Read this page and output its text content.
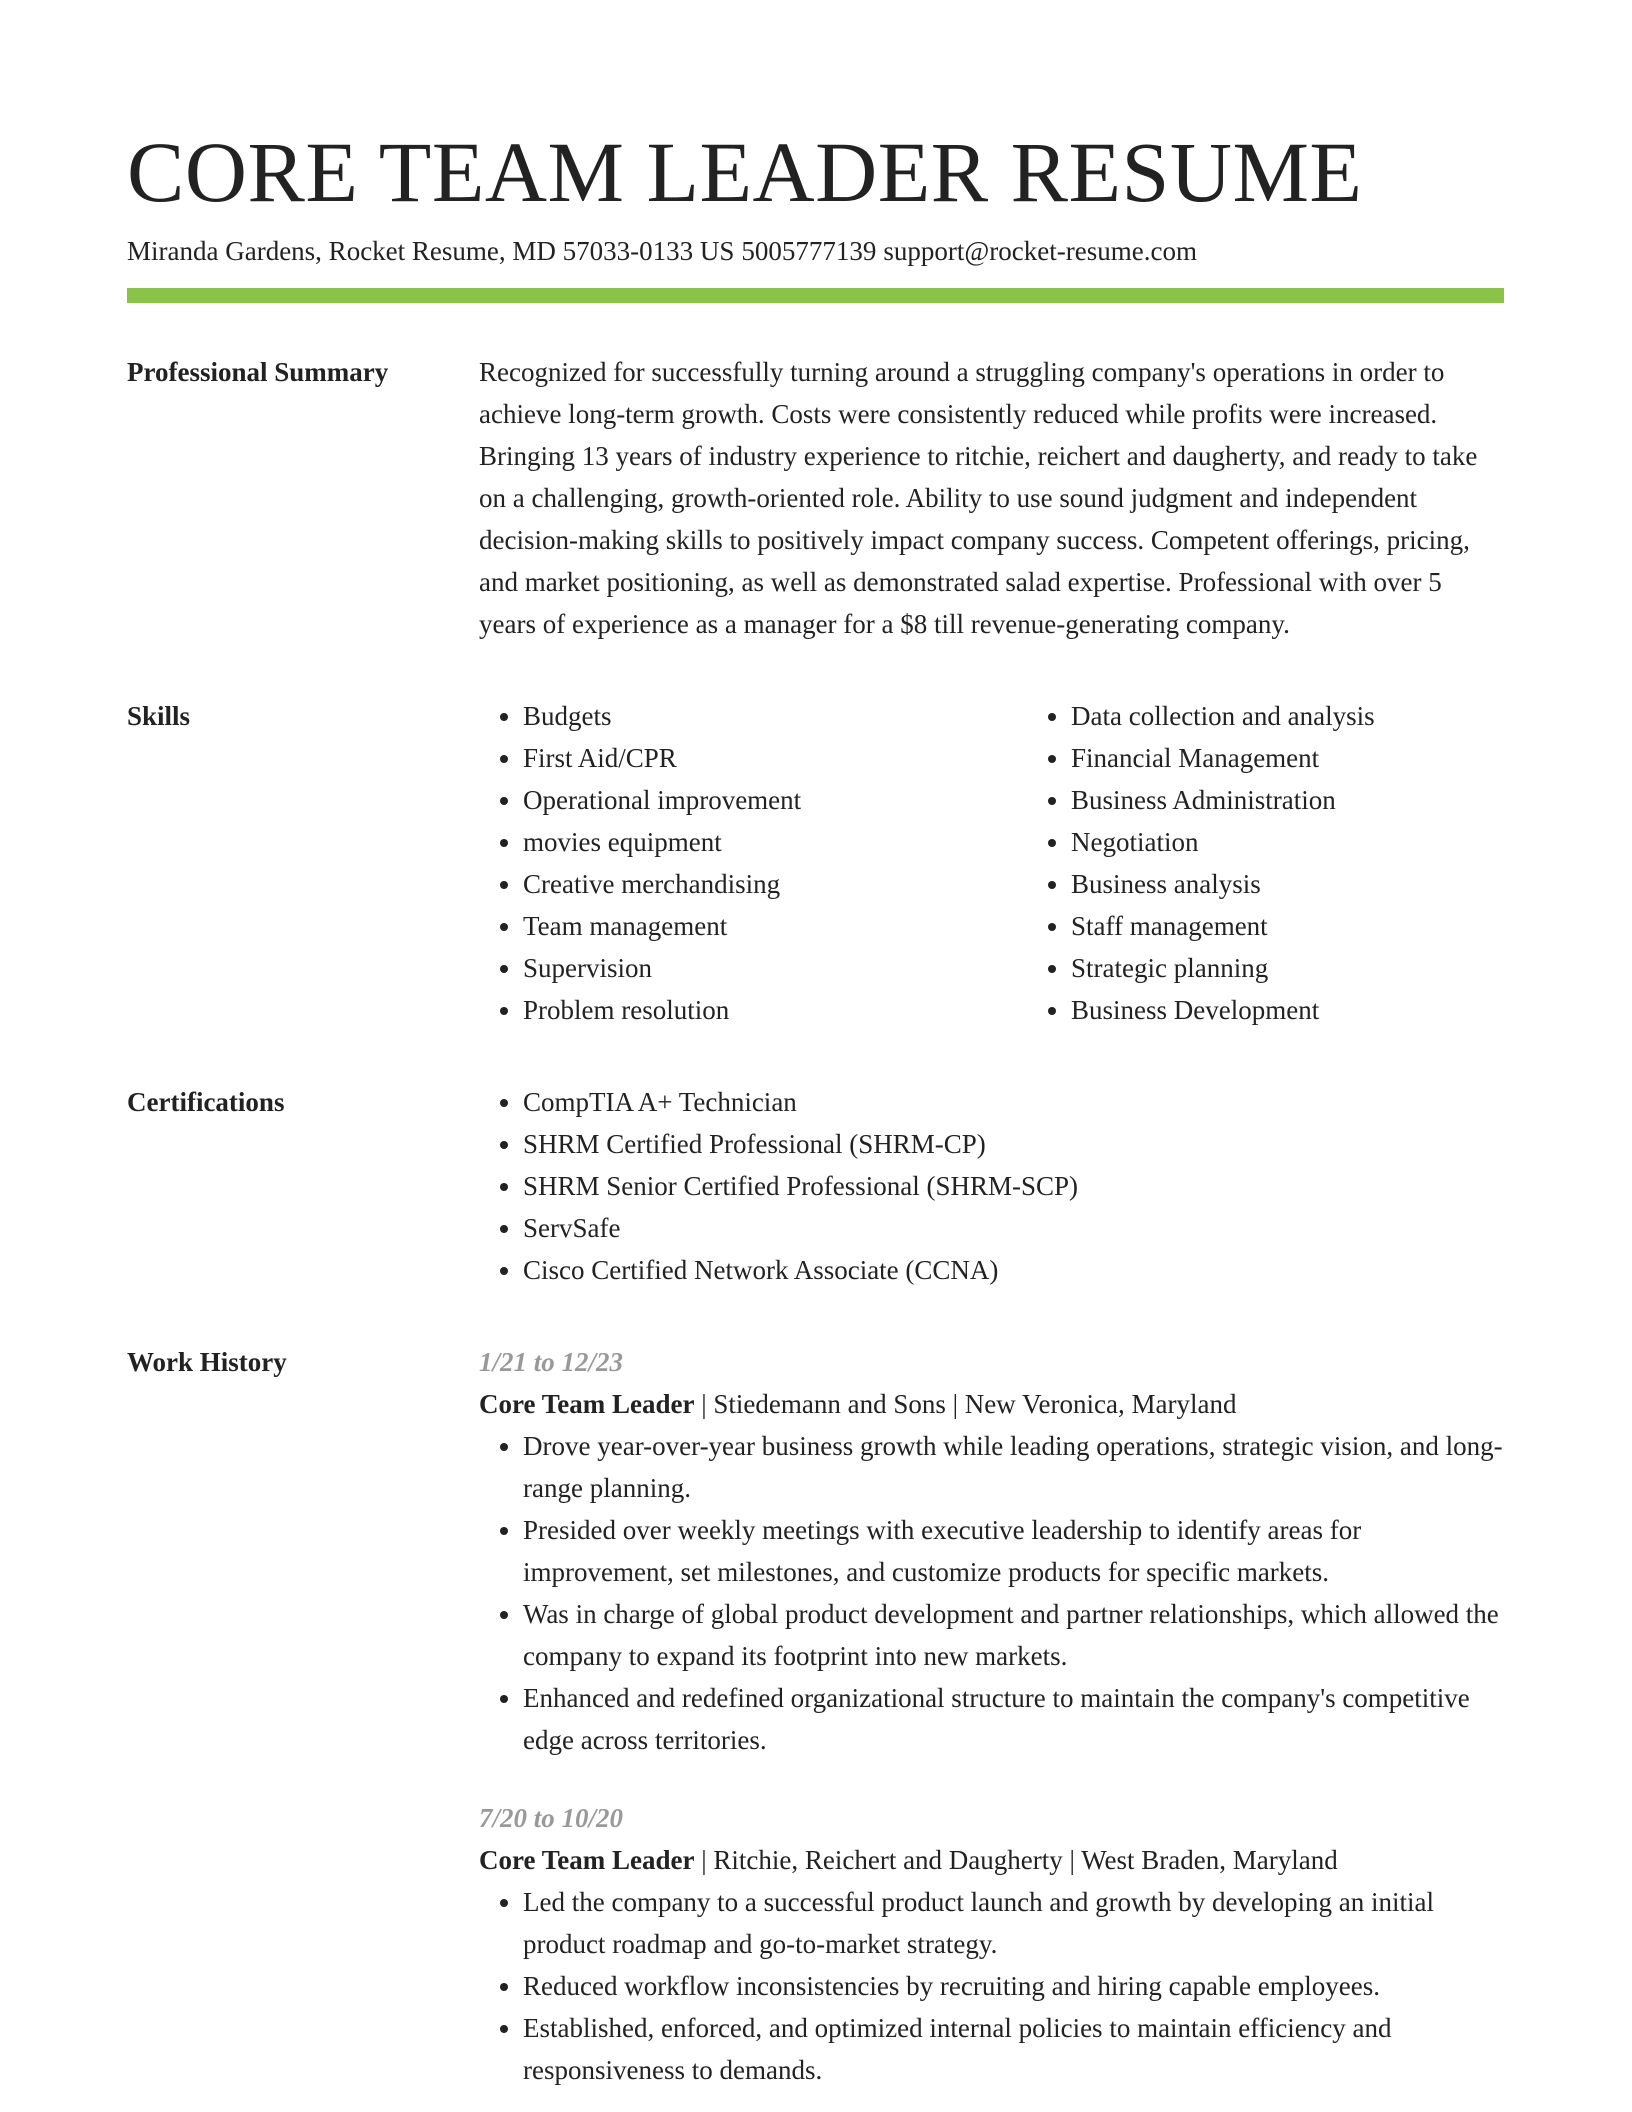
CORE TEAM LEADER RESUME
Miranda Gardens, Rocket Resume, MD 57033-0133 US 5005777139 support@rocket-resume.com
Professional Summary	Recognized for successfully turning around a struggling company's operations in order to achieve long-term growth. Costs were consistently reduced while profits were increased. Bringing 13 years of industry experience to ritchie, reichert and daugherty, and ready to take on a challenging, growth-oriented role. Ability to use sound judgment and independent decision-making skills to positively impact company success. Competent offerings, pricing, and market positioning, as well as demonstrated salad expertise. Professional with over 5 years of experience as a manager for a $8 till revenue-generating company.

Skills	• Budgets
• First Aid/CPR
• Operational improvement
• movies equipment
• Creative merchandising
• Team management
• Supervision
• Problem resolution
• Data collection and analysis
• Financial Management
• Business Administration
• Negotiation
• Business analysis
• Staff management
• Strategic planning
• Business Development
Certifications	• CompTIA A+ Technician
• SHRM Certified Professional (SHRM-CP)
• SHRM Senior Certified Professional (SHRM-SCP)
• ServSafe
• Cisco Certified Network Associate (CCNA)
Work History	1/21 to 12/23
Core Team Leader | Stiedemann and Sons | New Veronica, Maryland
• Drove year-over-year business growth while leading operations, strategic vision, and long-range planning.
• Presided over weekly meetings with executive leadership to identify areas for improvement, set milestones, and customize products for specific markets.
• Was in charge of global product development and partner relationships, which allowed the company to expand its footprint into new markets.
• Enhanced and redefined organizational structure to maintain the company's competitive edge across territories.
7/20 to 10/20
Core Team Leader | Ritchie, Reichert and Daugherty | West Braden, Maryland
• Led the company to a successful product launch and growth by developing an initial product roadmap and go-to-market strategy.
• Reduced workflow inconsistencies by recruiting and hiring capable employees.
• Established, enforced, and optimized internal policies to maintain efficiency and responsiveness to demands.
